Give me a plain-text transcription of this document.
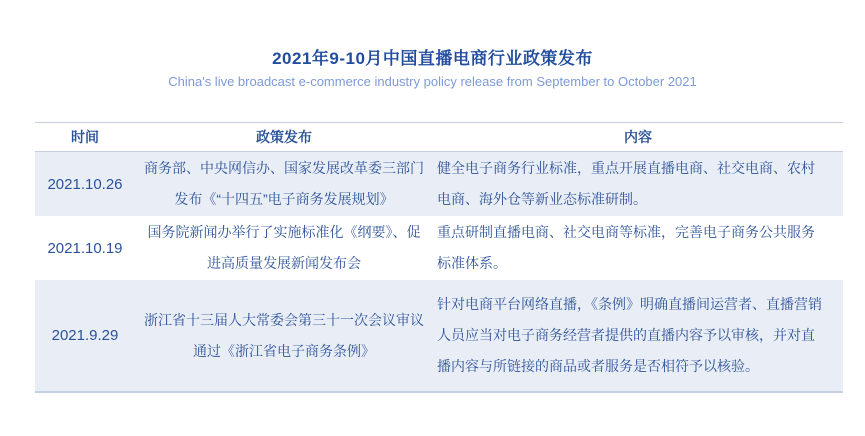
2021年9-10月中国直播电商行业政策发布
China's live broadcast e-commerce industry policy release from September to October 2021
时间	政策发布	内容
2021.10.26	商务部、中央网信办、国家发展改革委三部门发布《“十四五”电子商务发展规划》	健全电子商务行业标准，重点开展直播电商、社交电商、农村电商、海外仓等新业态标准研制。
2021.10.19	国务院新闻办举行了实施标准化《纲要》、促进高质量发展新闻发布会	重点研制直播电商、社交电商等标准，完善电子商务公共服务标准体系。
2021.9.29	浙江省十三届人大常委会第三十一次会议审议通过《浙江省电子商务条例》	针对电商平台网络直播，《条例》明确直播间运营者、直播营销人员应当对电子商务经营者提供的直播内容予以审核，并对直播内容与所链接的商品或者服务是否相符予以核验。
